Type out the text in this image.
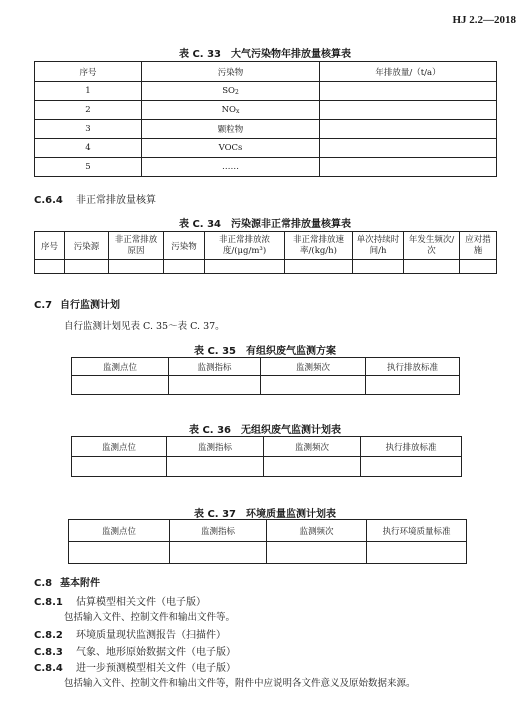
HJ 2.2—2018
表 C. 33　大气污染物年排放量核算表
序号	污染物	年排放量/（t/a）
1	$SO_2$	
2	$NO_x$	
3	颗粒物	
4	VOCs	
5	……	
C.6.4 非正常排放量核算
表 C. 34　污染源非正常排放量核算表
序号	污染源	非正常排放原因	污染物	非正常排放浓度/(μg/m³)	非正常排放速率/(kg/h)	单次持续时间/h	年发生频次/次	应对措施

C.7 自行监测计划
自行监测计划见表 C. 35～表 C. 37。
表 C. 35　有组织废气监测方案
监测点位	监测指标	监测频次	执行排放标准

表 C. 36　无组织废气监测计划表
监测点位	监测指标	监测频次	执行排放标准

表 C. 37　环境质量监测计划表
监测点位	监测指标	监测频次	执行环境质量标准

C.8 基本附件
C.8.1 估算模型相关文件（电子版）
包括输入文件、控制文件和输出文件等。
C.8.2 环境质量现状监测报告（扫描件）
C.8.3 气象、地形原始数据文件（电子版）
C.8.4 进一步预测模型相关文件（电子版）
包括输入文件、控制文件和输出文件等，附件中应说明各文件意义及原始数据来源。
